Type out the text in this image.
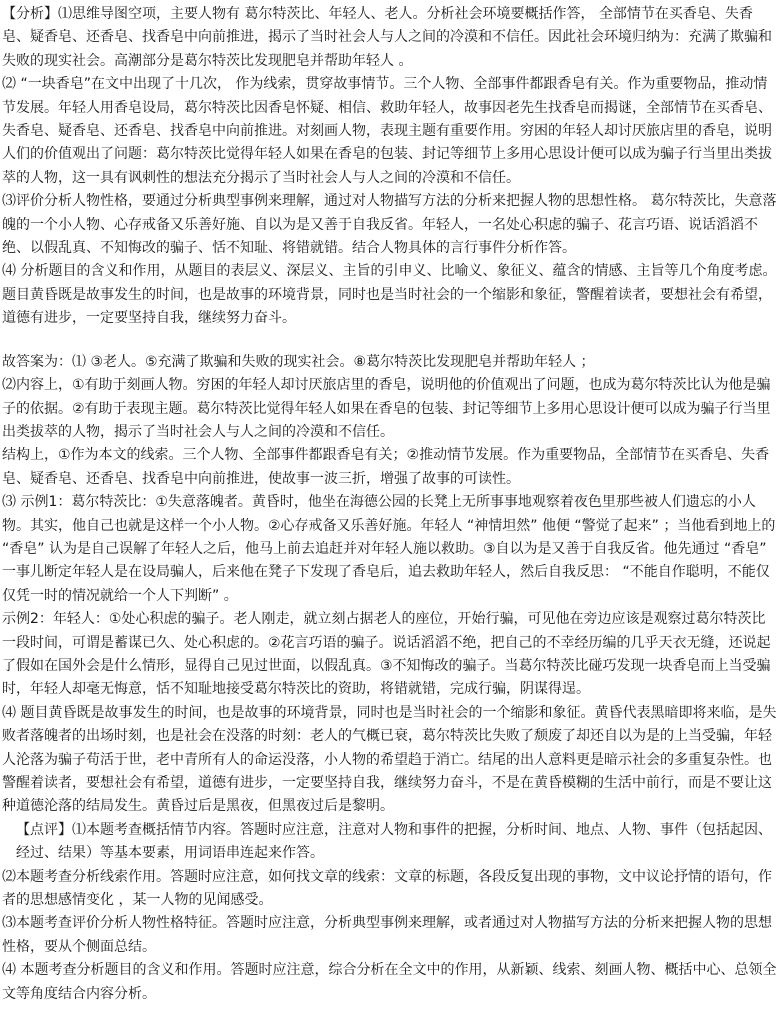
【分析】⑴思维导图空项，主要人物有 葛尔特茨比、年轻人、老人。分析社会环境要概括作答， 全部情节在买香皂、失香皂、疑香皂、还香皂、找香皂中向前推进，揭示了当时社会人与人之间的冷漠和不信任。因此社会环境归纳为：充满了欺骗和失败的现实社会。高潮部分是葛尔特茨比发现肥皂并帮助年轻人 。

⑵ “一块香皂”在文中出现了十几次， 作为线索，贯穿故事情节。三个人物、全部事件都跟香皂有关。作为重要物品，推动情节发展。年轻人用香皂设局，葛尔特茨比因香皂怀疑、相信、救助年轻人，故事因老先生找香皂而揭谜，全部情节在买香皂、失香皂、疑香皂、还香皂、找香皂中向前推进。对刻画人物，表现主题有重要作用。穷困的年轻人却讨厌旅店里的香皂，说明人们的价值观出了问题：葛尔特茨比觉得年轻人如果在香皂的包装、封记等细节上多用心思设计便可以成为骗子行当里出类拔萃的人物，这一具有讽刺性的想法充分揭示了当时社会人与人之间的冷漠和不信任。

⑶评价分析人物性格，要通过分析典型事例来理解，通过对人物描写方法的分析来把握人物的思想性格。 葛尔特茨比，失意落魄的一个小人物、心存戒备又乐善好施、自以为是又善于自我反省。年轻人，一名处心积虑的骗子、花言巧语、说话滔滔不绝、以假乱真、不知悔改的骗子、恬不知耻、将错就错。结合人物具体的言行事件分析作答。

⑷ 分析题目的含义和作用，从题目的表层义、深层义、主旨的引申义、比喻义、象征义、蕴含的情感、主旨等几个角度考虑。题目黄昏既是故事发生的时间，也是故事的环境背景，同时也是当时社会的一个缩影和象征，警醒着读者，要想社会有希望，道德有进步，一定要坚持自我，继续努力奋斗。

故答案为：⑴ ③老人。⑤充满了欺骗和失败的现实社会。⑧葛尔特茨比发现肥皂并帮助年轻人 ；

⑵内容上，①有助于刻画人物。穷困的年轻人却讨厌旅店里的香皂，说明他的价值观出了问题，也成为葛尔特茨比认为他是骗子的依据。②有助于表现主题。葛尔特茨比觉得年轻人如果在香皂的包装、封记等细节上多用心思设计便可以成为骗子行当里出类拔萃的人物，揭示了当时社会人与人之间的冷漠和不信任。

结构上，①作为本文的线索。三个人物、全部事件都跟香皂有关；②推动情节发展。作为重要物品，全部情节在买香皂、失香皂、疑香皂、还香皂、找香皂中向前推进，使故事一波三折，增强了故事的可读性。

⑶ 示例1：葛尔特茨比：①失意落魄者。黄昏时，他坐在海德公园的长凳上无所事事地观察着夜色里那些被人们遗忘的小人物。其实，他自己也就是这样一个小人物。②心存戒备又乐善好施。年轻人 “神情坦然” 他便 “警觉了起来” ；当他看到地上的 “香皂” 认为是自己误解了年轻人之后，他马上前去追赶并对年轻人施以救助。③自以为是又善于自我反省。他先通过 “香皂” 一事儿断定年轻人是在设局骗人，后来他在凳子下发现了香皂后，追去救助年轻人，然后自我反思： “不能自作聪明，不能仅仅凭一时的情况就给一个人下判断” 。

示例2：年轻人：①处心积虑的骗子。老人刚走，就立刻占据老人的座位，开始行骗，可见他在旁边应该是观察过葛尔特茨比一段时间，可谓是蓄谋已久、处心积虑的。②花言巧语的骗子。说话滔滔不绝，把自己的不幸经历编的几乎天衣无缝，还说起了假如在国外会是什么情形，显得自己见过世面，以假乱真。③不知悔改的骗子。当葛尔特茨比碰巧发现一块香皂而上当受骗时，年轻人却毫无悔意，恬不知耻地接受葛尔特茨比的资助，将错就错，完成行骗，阴谋得逞。

⑷ 题目黄昏既是故事发生的时间，也是故事的环境背景，同时也是当时社会的一个缩影和象征。黄昏代表黑暗即将来临，是失败者落魄者的出场时刻，也是社会在没落的时刻：老人的气概已衰，葛尔特茨比失败了颓废了却还自以为是的上当受骗，年轻人沦落为骗子苟活于世，老中青所有人的命运没落，小人物的希望趋于消亡。结尾的出人意料更是暗示社会的多重复杂性。也警醒着读者，要想社会有希望，道德有进步，一定要坚持自我，继续努力奋斗，不是在黄昏模糊的生活中前行，而是不要让这种道德沦落的结局发生。黄昏过后是黑夜，但黑夜过后是黎明。

【点评】⑴本题考查概括情节内容。答题时应注意，注意对人物和事件的把握，分析时间、地点、人物、事件（包括起因、经过、结果）等基本要素，用词语串连起来作答。

⑵本题考查分析线索作用。答题时应注意，如何找文章的线索：文章的标题，各段反复出现的事物，文中议论抒情的语句，作者的思想感情变化 ，某一人物的见闻感受。

⑶本题考查评价分析人物性格特征。答题时应注意，分析典型事例来理解，或者通过对人物描写方法的分析来把握人物的思想性格，要从个侧面总结。

⑷ 本题考查分析题目的含义和作用。答题时应注意，综合分析在全文中的作用，从新颖、线索、刻画人物、概括中心、总领全文等角度结合内容分析。
